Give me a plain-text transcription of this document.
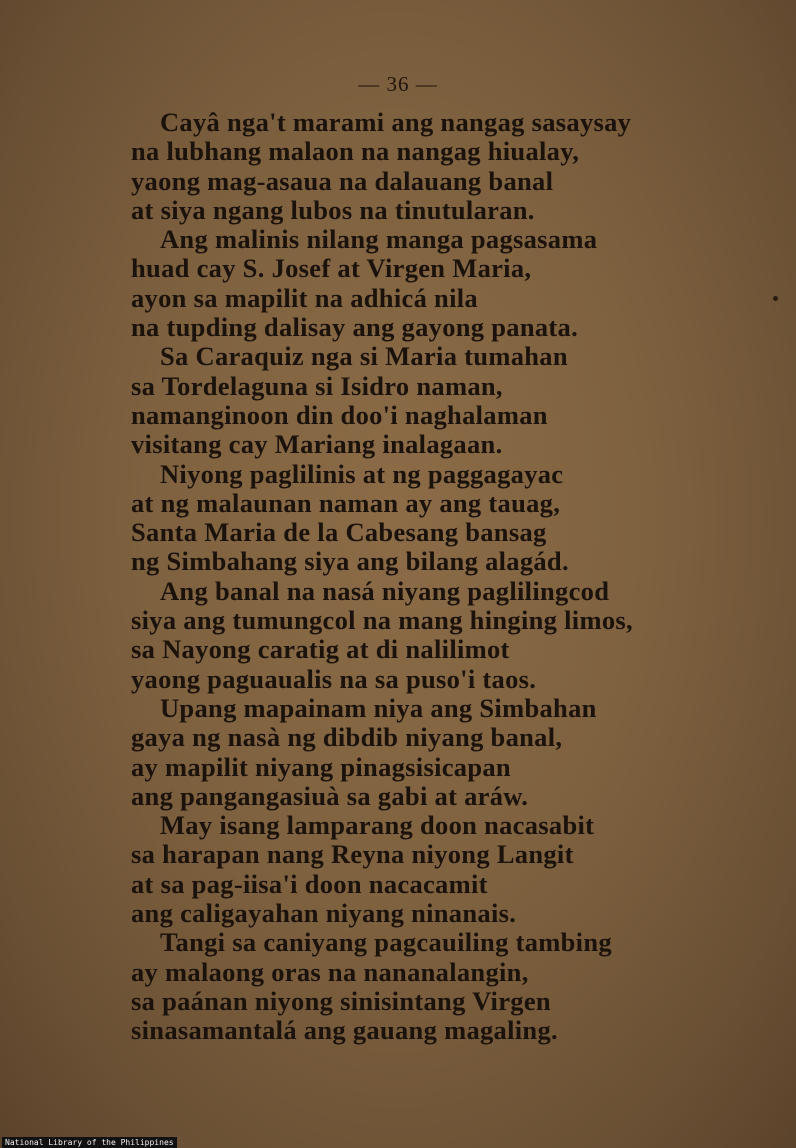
— 36 —
Cayâ nga't marami ang nangag sasaysay
na lubhang malaon na nangag hiualay,
yaong mag-asaua na dalauang banal
at siya ngang lubos na tinutularan.
Ang malinis nilang manga pagsasama
huad cay S. Josef at Virgen Maria,
ayon sa mapilit na adhicá nila
na tupding dalisay ang gayong panata.
Sa Caraquiz nga si Maria tumahan
sa Tordelaguna si Isidro naman,
namanginoon din doo'i naghalaman
visitang cay Mariang inalagaan.
Niyong paglilinis at ng paggagayac
at ng malaunan naman ay ang tauag,
Santa Maria de la Cabesang bansag
ng Simbahang siya ang bilang alagád.
Ang banal na nasá niyang paglilingcod
siya ang tumungcol na mang hinging limos,
sa Nayong caratig at di nalilimot
yaong paguaualis na sa puso'i taos.
Upang mapainam niya ang Simbahan
gaya ng nasà ng dibdib niyang banal,
ay mapilit niyang pinagsisicapan
ang pangangasiuà sa gabi at aráw.
May isang lamparang doon nacasabit
sa harapan nang Reyna niyong Langit
at sa pag-iisa'i doon nacacamit
ang caligayahan niyang ninanais.
Tangi sa caniyang pagcauiling tambing
ay malaong oras na nananalangin,
sa paánan niyong sinisintang Virgen
sinasamantalá ang gauang magaling.
National Library of the Philippines
